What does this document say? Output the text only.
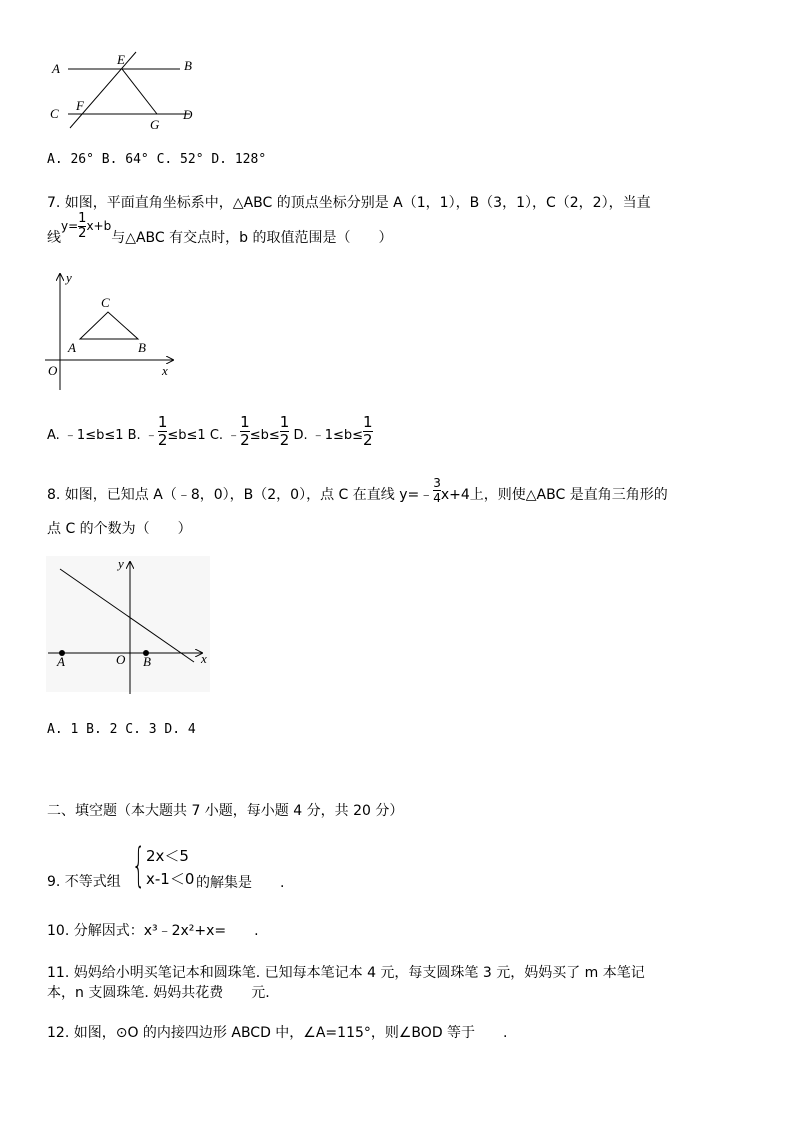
A	B
E
C
F
G
D
A. 26° B. 64° C. 52° D. 128°
7. 如图，平面直角坐标系中，△ABC 的顶点坐标分别是 A（1，1），B（3，1），C（2，2），当直
线$y= \frac{1}{2} x+b$与△ABC 有交点时，b 的取值范围是（　　）
y
C
A	B
O	x
A. ﹣1≤b≤1 B. ﹣ $\frac{1}{2} \le b\le 1$ C. ﹣ $\frac{1}{2} \le b\le \frac{1}{2} D$. ﹣1≤b≤ $\frac{1}{2}$
8. 如图，已知点 A（﹣8，0），B（2，0），点 C 在直线 y=﹣ $\frac{3}{4} x+4$上，则使△ABC 是直角三角形的
点 C 的个数为（　　）
y
A	O B	x
A. 1 B. 2 C. 3 D. 4
二、填空题（本大题共 7 小题，每小题 4 分，共 20 分）
9. 不等式组 { 2x＜5
x-1＜0 的解集是　　.
10. 分解因式：x³﹣2x²+x=　　.
11. 妈妈给小明买笔记本和圆珠笔. 已知每本笔记本 4 元，每支圆珠笔 3 元，妈妈买了 m 本笔记
本，n 支圆珠笔. 妈妈共花费　　元.
12. 如图，⊙O 的内接四边形 ABCD 中，∠A=115°，则∠BOD 等于　　.
